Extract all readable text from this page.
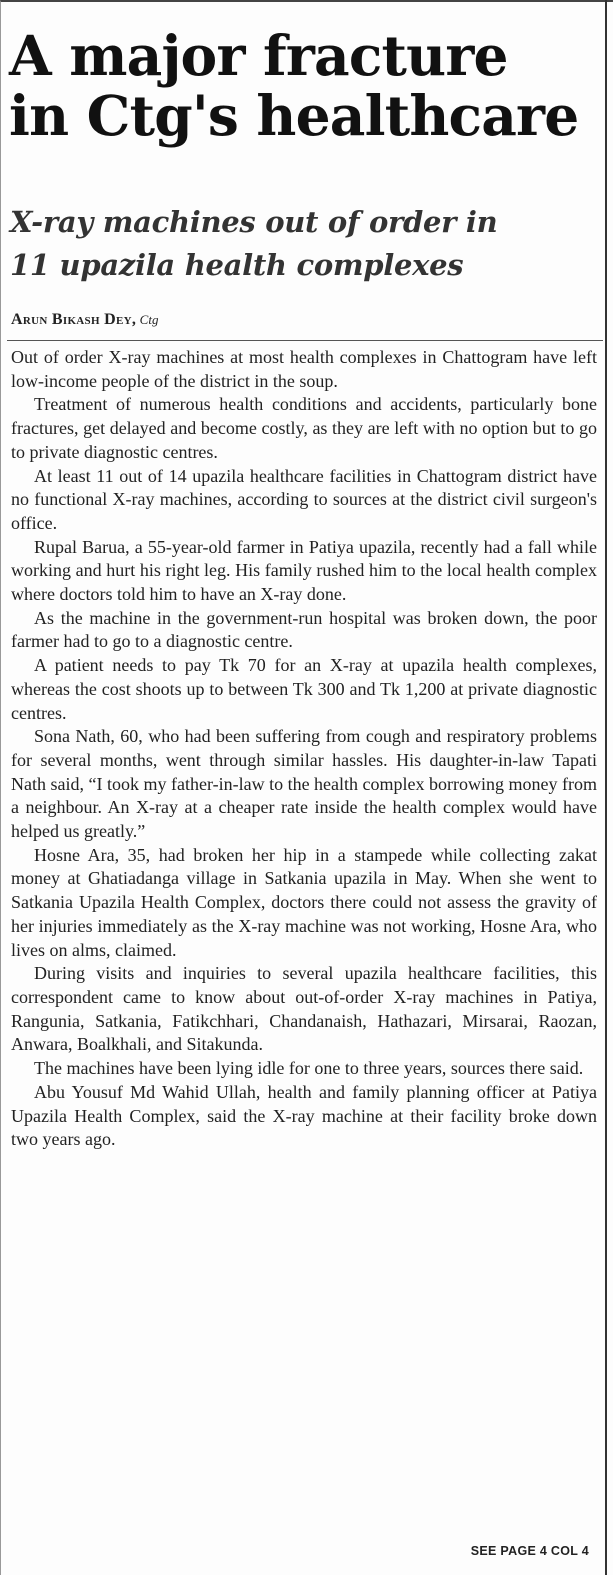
A major fracture
in Ctg's healthcare
X-ray machines out of order in
11 upazila health complexes
Arun Bikash Dey, Ctg

Out of order X-ray machines at most health complexes in Chattogram have left low-income people of the district in the soup.

Treatment of numerous health conditions and accidents, particularly bone fractures, get delayed and become costly, as they are left with no option but to go to private diagnostic centres.

At least 11 out of 14 upazila healthcare facilities in Chattogram district have no functional X-ray machines, according to sources at the district civil surgeon's office.

Rupal Barua, a 55-year-old farmer in Patiya upazila, recently had a fall while working and hurt his right leg. His family rushed him to the local health complex where doctors told him to have an X-ray done.

As the machine in the government-run hospital was broken down, the poor farmer had to go to a diagnostic centre.

A patient needs to pay Tk 70 for an X-ray at upazila health complexes, whereas the cost shoots up to between Tk 300 and Tk 1,200 at private diagnostic centres.

Sona Nath, 60, who had been suffering from cough and respiratory problems for several months, went through similar hassles. His daughter-in-law Tapati Nath said, “I took my father-in-law to the health complex borrowing money from a neighbour. An X-ray at a cheaper rate inside the health complex would have helped us greatly.”

Hosne Ara, 35, had broken her hip in a stampede while collecting zakat money at Ghatiadanga village in Satkania upazila in May. When she went to Satkania Upazila Health Complex, doctors there could not assess the gravity of her injuries immediately as the X-ray machine was not working, Hosne Ara, who lives on alms, claimed.

During visits and inquiries to several upazila healthcare facilities, this correspondent came to know about out-of-order X-ray machines in Patiya, Rangunia, Satkania, Fatikchhari, Chandanaish, Hathazari, Mirsarai, Raozan, Anwara, Boalkhali, and Sitakunda.

The machines have been lying idle for one to three years, sources there said.

Abu Yousuf Md Wahid Ullah, health and family planning officer at Patiya Upazila Health Complex, said the X-ray machine at their facility broke down two years ago.

SEE PAGE 4 COL 4
